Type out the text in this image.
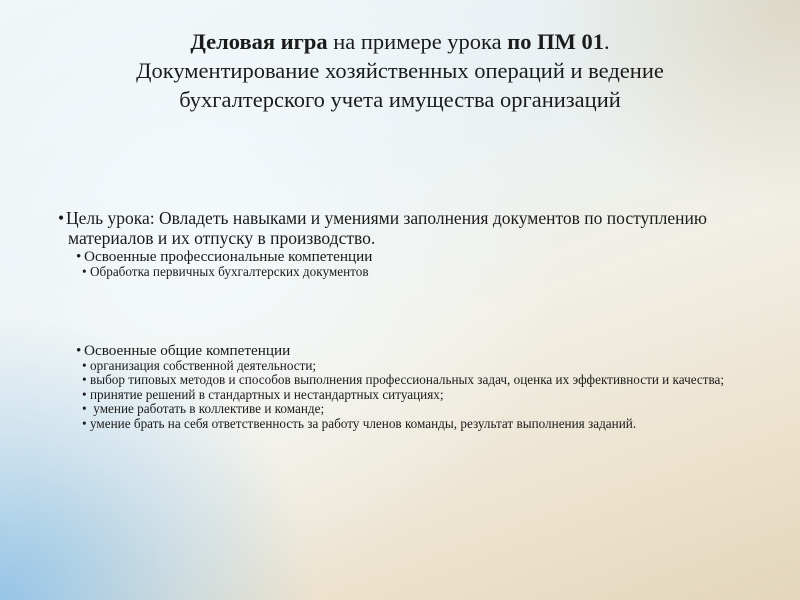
Деловая игра на примере урока по ПМ 01.
Документирование хозяйственных операций и ведение
бухгалтерского учета имущества организаций

• Цель урока: Овладеть навыками и умениями заполнения документов по поступлению материалов и их отпуску в производство.

• Освоенные профессиональные компетенции

• Обработка первичных бухгалтерских документов

• Освоенные общие компетенции

• организация собственной деятельности;

• выбор типовых методов и способов выполнения профессиональных задач, оценка их эффективности и качества;

• принятие решений в стандартных и нестандартных ситуациях;

• умение работать в коллективе и команде;

• умение брать на себя ответственность за работу членов команды, результат выполнения заданий.
